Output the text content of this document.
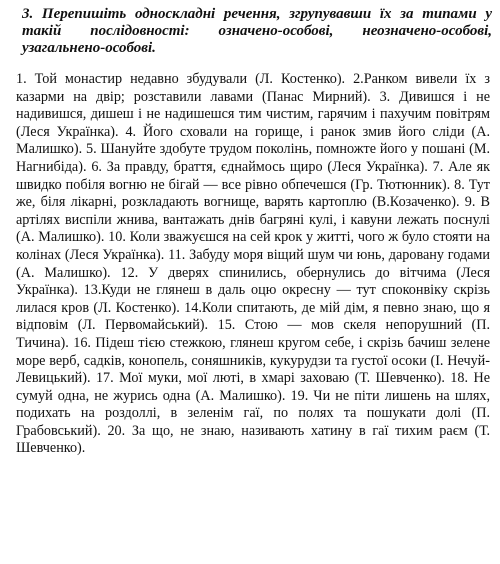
3. Перепишіть односкладні речення, згрупувавши їх за типами у такій послідовності: означено-особові, неозначено-особові, узагальнено-особові.

1. Той монастир недавно збудували (Л. Костенко). 2.Ранком вивели їх з казарми на двір; розставили лавами (Панас Мирний). 3. Дивишся і не надивишся, дишеш і не надишешся тим чистим, гарячим і пахучим повітрям (Леся Українка). 4. Його сховали на горище, і ранок змив його сліди (А. Малишко). 5. Шануйте здобуте трудом поколінь, помножте його у пошані (М. Нагнибіда). 6. За правду, браття, єднаймось щиро (Леся Українка). 7. Але як швидко побіля вогню не бігай — все рівно обпечешся (Гр. Тютюнник). 8. Тут же, біля лікарні, розкладають вогнище, варять картоплю (В.Козаченко). 9. В артілях виспіли жнива, вантажать днів багряні кулі, і кавуни лежать поснулі (А. Малишко). 10. Коли зважуєшся на сей крок у житті, чого ж було стояти на колінах (Леся Українка). 11. Забуду моря віщий шум чи юнь, даровану годами (А. Малишко). 12. У дверях спинились, обернулись до вітчима (Леся Українка). 13.Куди не глянеш в даль оцю окресну — тут споконвіку скрізь лилася кров (Л. Костенко). 14.Коли спитають, де мій дім, я певно знаю, що я відповім (Л. Первомайський). 15. Стою — мов скеля непорушний (П. Тичина). 16. Підеш тією стежкою, глянеш кругом себе, і скрізь бачиш зелене море верб, садків, конопель, соняшників, кукурудзи та густої осоки (І. Нечуй-Левицький). 17. Мої муки, мої люті, в хмарі заховаю (Т. Шевченко). 18. Не сумуй одна, не журись одна (А. Малишко). 19. Чи не піти лишень на шлях, подихать на роздоллі, в зеленім гаї, по полях та пошукати долі (П. Грабовський). 20. За що, не знаю, називають хатину в гаї тихим раєм (Т. Шевченко).
